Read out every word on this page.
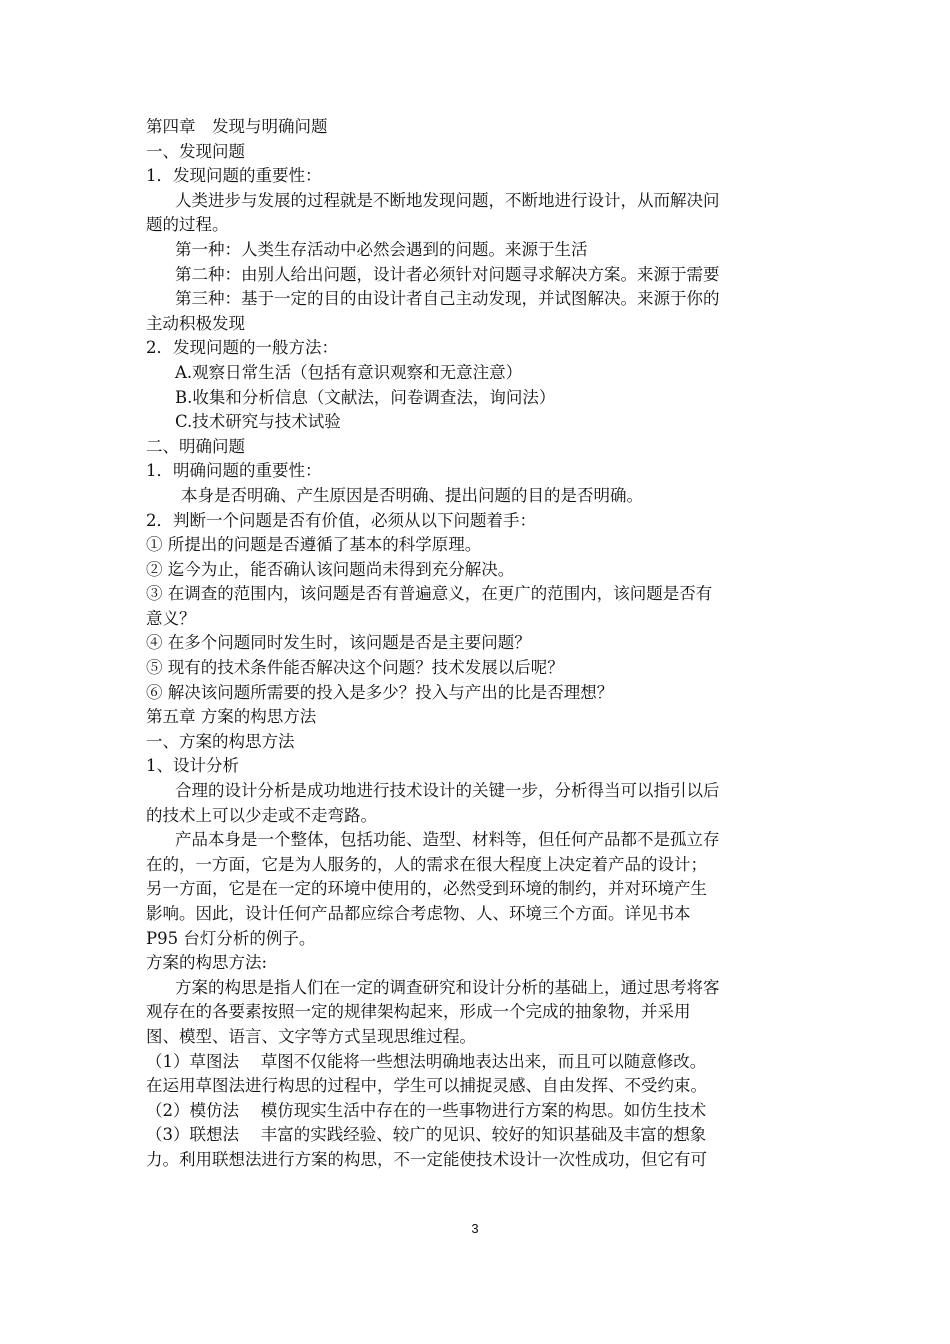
第四章　发现与明确问题
一、发现问题
1．发现问题的重要性：
人类进步与发展的过程就是不断地发现问题，不断地进行设计，从而解决问
题的过程。
第一种：人类生存活动中必然会遇到的问题。来源于生活
第二种：由别人给出问题，设计者必须针对问题寻求解决方案。来源于需要
第三种：基于一定的目的由设计者自己主动发现，并试图解决。来源于你的
主动积极发现
2．发现问题的一般方法：
A.观察日常生活（包括有意识观察和无意注意）
B.收集和分析信息（文献法，问卷调查法，询问法）
C.技术研究与技术试验
二、明确问题
1．明确问题的重要性：
本身是否明确、产生原因是否明确、提出问题的目的是否明确。
2．判断一个问题是否有价值，必须从以下问题着手：
① 所提出的问题是否遵循了基本的科学原理。
② 迄今为止，能否确认该问题尚未得到充分解决。
③ 在调查的范围内，该问题是否有普遍意义，在更广的范围内，该问题是否有
意义？
④ 在多个问题同时发生时，该问题是否是主要问题？
⑤ 现有的技术条件能否解决这个问题？技术发展以后呢？
⑥ 解决该问题所需要的投入是多少？投入与产出的比是否理想？
第五章 方案的构思方法
一、方案的构思方法
1、设计分析
合理的设计分析是成功地进行技术设计的关键一步，分析得当可以指引以后
的技术上可以少走或不走弯路。
产品本身是一个整体，包括功能、造型、材料等，但任何产品都不是孤立存
在的，一方面，它是为人服务的，人的需求在很大程度上决定着产品的设计；
另一方面，它是在一定的环境中使用的，必然受到环境的制约，并对环境产生
影响。因此，设计任何产品都应综合考虑物、人、环境三个方面。详见书本
P95 台灯分析的例子。
方案的构思方法:
方案的构思是指人们在一定的调查研究和设计分析的基础上，通过思考将客
观存在的各要素按照一定的规律架构起来，形成一个完成的抽象物，并采用
图、模型、语言、文字等方式呈现思维过程。
（1）草图法　 草图不仅能将一些想法明确地表达出来，而且可以随意修改。
在运用草图法进行构思的过程中，学生可以捕捉灵感、自由发挥、不受约束。
（2）模仿法　 模仿现实生活中存在的一些事物进行方案的构思。如仿生技术
（3）联想法　 丰富的实践经验、较广的见识、较好的知识基础及丰富的想象
力。利用联想法进行方案的构思，不一定能使技术设计一次性成功，但它有可
3
